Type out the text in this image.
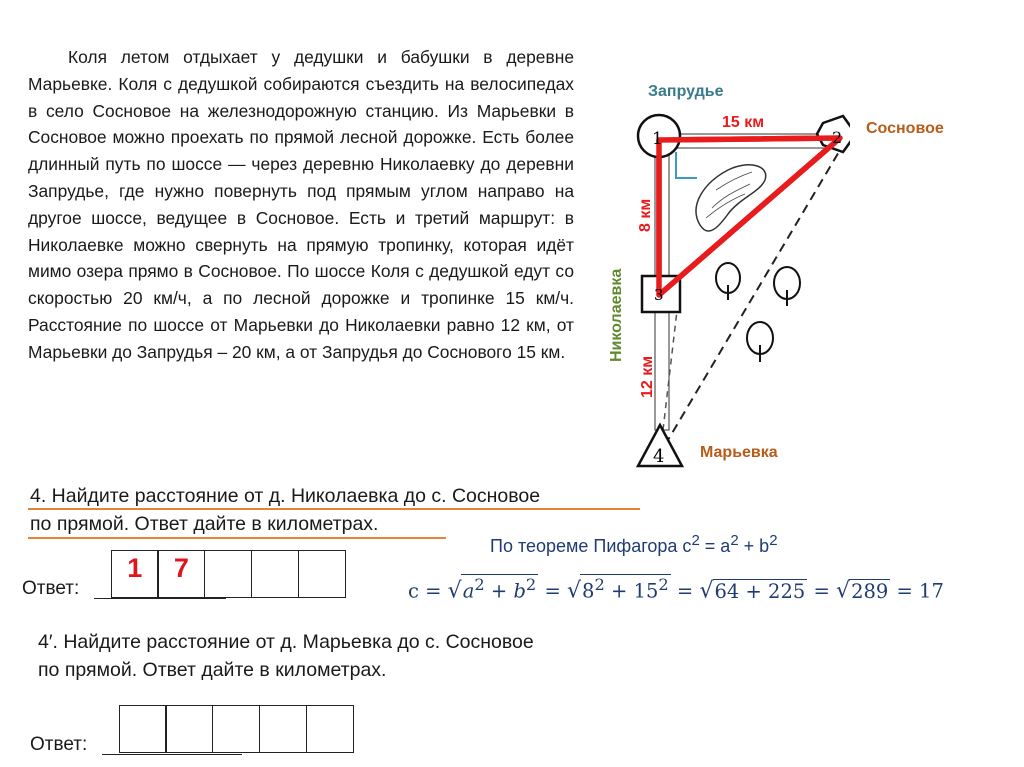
Коля летом отдыхает у дедушки и бабушки в деревне Марьевке. Коля с дедушкой собираются съездить на велосипедах в село Сосновое на железнодорожную станцию. Из Марьевки в Сосновое можно проехать по прямой лесной дорожке. Есть более длинный путь по шоссе — через деревню Николаевку до деревни Запрудье, где нужно повернуть под прямым углом направо на другое шоссе, ведущее в Сосновое. Есть и третий маршрут: в Николаевке можно свернуть на прямую тропинку, которая идёт мимо озера прямо в Сосновое. По шоссе Коля с дедушкой едут со скоростью 20 км/ч, а по лесной дорожке и тропинке 15 км/ч. Расстояние по шоссе от Марьевки до Николаевки равно 12 км, от Марьевки до Запрудья – 20 км, а от Запрудья до Соснового 15 км.

1	2
3
4
Запрудье
15 км
8 км
Николаевка
12 км
Сосновое
Марьевка
4. Найдите расстояние от д. Николаевка до с. Сосновое
по прямой. Ответ дайте в километрах.
Ответ:
1 7
По теореме Пифагора $с^2 = a^2 + b^2$
$c = √a^2 + b^2 = √8^2 + 15^2 = √64 + 225 = √289 = 17$
4′. Найдите расстояние от д. Марьевка до с. Сосновое
по прямой. Ответ дайте в километрах.
Ответ:
